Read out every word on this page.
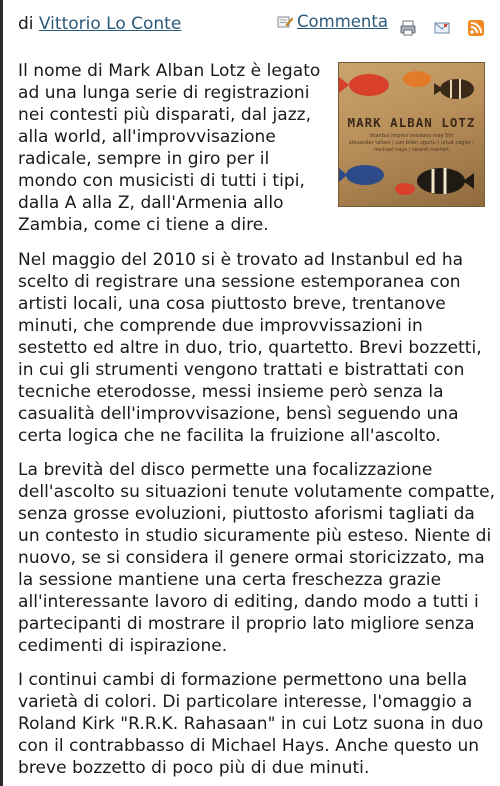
di Vittorio Lo Conte	Commenta
MARK ALBAN LOTZ
istanbul improv sessions may 5th
alexander tallavi / can bilen ugurlu / umut caglar / michael hays / tarantl mertert

Il nome di Mark Alban Lotz è legato ad una lunga serie di registrazioni nei contesti più disparati, dal jazz, alla world, all'improvvisazione radicale, sempre in giro per il mondo con musicisti di tutti i tipi, dalla A alla Z, dall'Armenia allo Zambia, come ci tiene a dire.

Nel maggio del 2010 si è trovato ad Instanbul ed ha scelto di registrare una sessione estemporanea con artisti locali, una cosa piuttosto breve, trentanove minuti, che comprende due improvvissazioni in sestetto ed altre in duo, trio, quartetto. Brevi bozzetti, in cui gli strumenti vengono trattati e bistrattati con tecniche eterodosse, messi insieme però senza la casualità dell'improvvisazione, bensì seguendo una certa logica che ne facilita la fruizione all'ascolto.

La brevità del disco permette una focalizzazione dell'ascolto su situazioni tenute volutamente compatte, senza grosse evoluzioni, piuttosto aforismi tagliati da un contesto in studio sicuramente più esteso. Niente di nuovo, se si considera il genere ormai storicizzato, ma la sessione mantiene una certa freschezza grazie all'interessante lavoro di editing, dando modo a tutti i partecipanti di mostrare il proprio lato migliore senza cedimenti di ispirazione.

I continui cambi di formazione permettono una bella varietà di colori. Di particolare interesse, l'omaggio a Roland Kirk "R.R.K. Rahasaan" in cui Lotz suona in duo con il contrabbasso di Michael Hays. Anche questo un breve bozzetto di poco più di due minuti.
